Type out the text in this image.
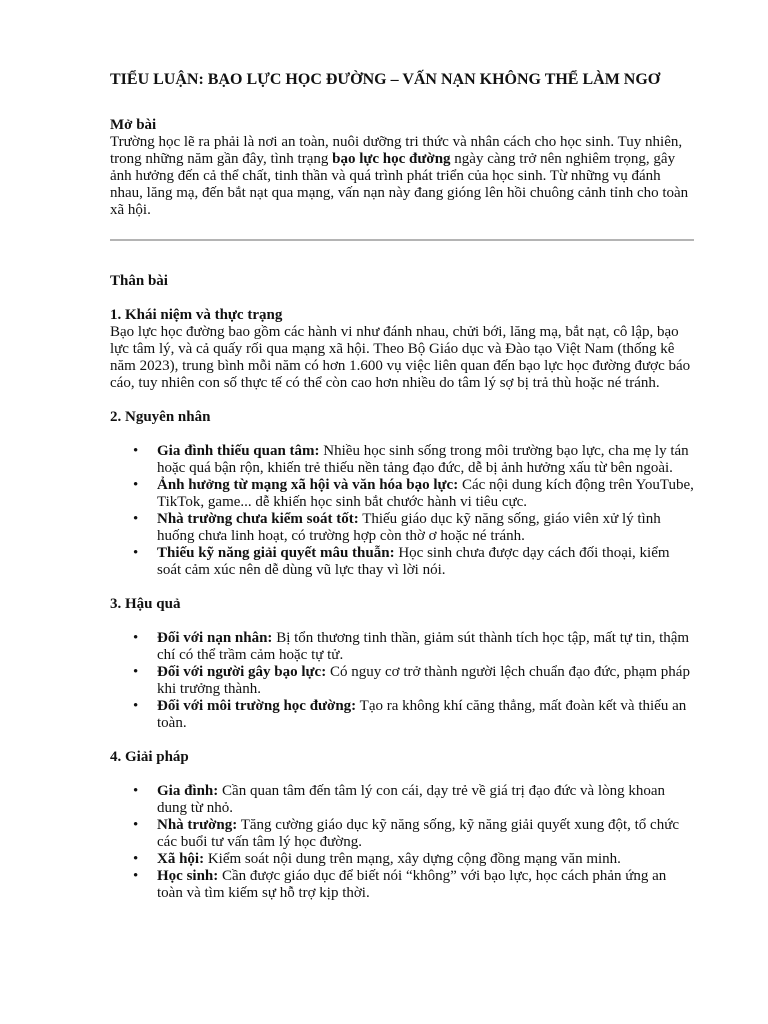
TIỂU LUẬN: BẠO LỰC HỌC ĐƯỜNG – VẤN NẠN KHÔNG THỂ LÀM NGƠ

Mở bài

Trường học lẽ ra phải là nơi an toàn, nuôi dưỡng tri thức và nhân cách cho học sinh. Tuy nhiên, trong những năm gần đây, tình trạng bạo lực học đường ngày càng trở nên nghiêm trọng, gây ảnh hưởng đến cả thể chất, tinh thần và quá trình phát triển của học sinh. Từ những vụ đánh nhau, lăng mạ, đến bắt nạt qua mạng, vấn nạn này đang gióng lên hồi chuông cảnh tỉnh cho toàn xã hội.

Thân bài

1. Khái niệm và thực trạng

Bạo lực học đường bao gồm các hành vi như đánh nhau, chửi bới, lăng mạ, bắt nạt, cô lập, bạo lực tâm lý, và cả quấy rối qua mạng xã hội. Theo Bộ Giáo dục và Đào tạo Việt Nam (thống kê năm 2023), trung bình mỗi năm có hơn 1.600 vụ việc liên quan đến bạo lực học đường được báo cáo, tuy nhiên con số thực tế có thể còn cao hơn nhiều do tâm lý sợ bị trả thù hoặc né tránh.

2. Nguyên nhân
• Gia đình thiếu quan tâm: Nhiều học sinh sống trong môi trường bạo lực, cha mẹ ly tán hoặc quá bận rộn, khiến trẻ thiếu nền tảng đạo đức, dễ bị ảnh hưởng xấu từ bên ngoài.
• Ảnh hưởng từ mạng xã hội và văn hóa bạo lực: Các nội dung kích động trên YouTube, TikTok, game... dễ khiến học sinh bắt chước hành vi tiêu cực.
• Nhà trường chưa kiểm soát tốt: Thiếu giáo dục kỹ năng sống, giáo viên xử lý tình huống chưa linh hoạt, có trường hợp còn thờ ơ hoặc né tránh.
• Thiếu kỹ năng giải quyết mâu thuẫn: Học sinh chưa được dạy cách đối thoại, kiểm soát cảm xúc nên dễ dùng vũ lực thay vì lời nói.
3. Hậu quả
• Đối với nạn nhân: Bị tổn thương tinh thần, giảm sút thành tích học tập, mất tự tin, thậm chí có thể trầm cảm hoặc tự tử.
• Đối với người gây bạo lực: Có nguy cơ trở thành người lệch chuẩn đạo đức, phạm pháp khi trưởng thành.
• Đối với môi trường học đường: Tạo ra không khí căng thẳng, mất đoàn kết và thiếu an toàn.
4. Giải pháp
• Gia đình: Cần quan tâm đến tâm lý con cái, dạy trẻ về giá trị đạo đức và lòng khoan dung từ nhỏ.
• Nhà trường: Tăng cường giáo dục kỹ năng sống, kỹ năng giải quyết xung đột, tổ chức các buổi tư vấn tâm lý học đường.
• Xã hội: Kiểm soát nội dung trên mạng, xây dựng cộng đồng mạng văn minh.
• Học sinh: Cần được giáo dục để biết nói “không” với bạo lực, học cách phản ứng an toàn và tìm kiếm sự hỗ trợ kịp thời.
